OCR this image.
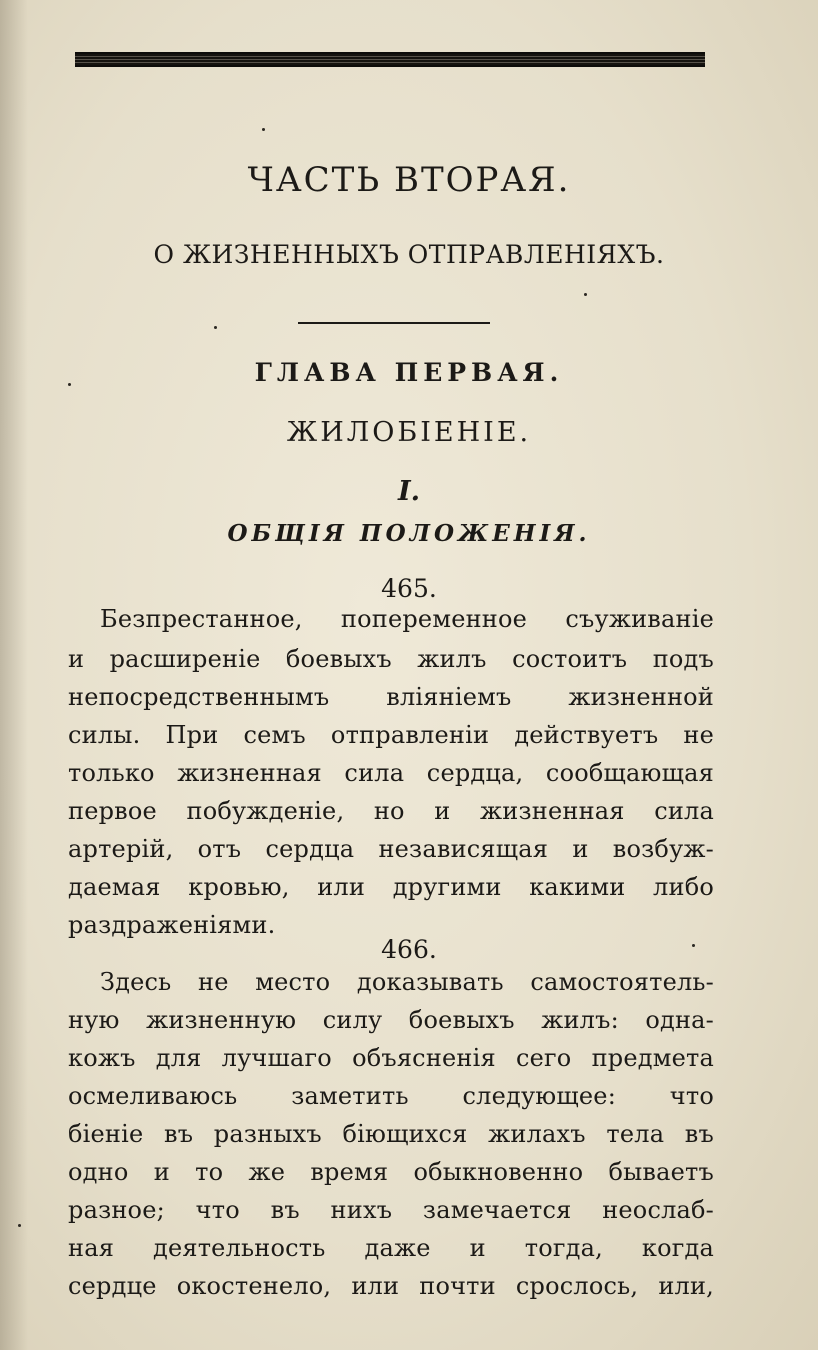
ЧАСТЬ ВТОРАЯ.
О ЖИЗНЕННЫХЪ ОТПРАВЛЕНІЯХЪ.
ГЛАВА ПЕРВАЯ.
ЖИЛОБІЕНІЕ.
I.
ОБЩІЯ ПОЛОЖЕНІЯ.
465.
Безпрестанное, попеременное съуживаніе
и расширеніе боевыхъ жилъ состоитъ подъ
непосредственнымъ вліяніемъ жизненной
силы. При семъ отправленіи действуетъ не
только жизненная сила сердца, сообщающая
первое побужденіе, но и жизненная сила
артерій, отъ сердца независящая и возбуж-
даемая кровью, или другими какими либо
раздраженіями.
466.
Здесь не место доказывать самостоятель-
ную жизненную силу боевыхъ жилъ: одна-
кожъ для лучшаго объясненія сего предмета
осмеливаюсь заметить следующее: что
біеніе въ разныхъ біющихся жилахъ тела въ
одно и то же время обыкновенно бываетъ
разное; что въ нихъ замечается неослаб-
ная деятельность даже и тогда, когда
сердце окостенело, или почти срослось, или,
